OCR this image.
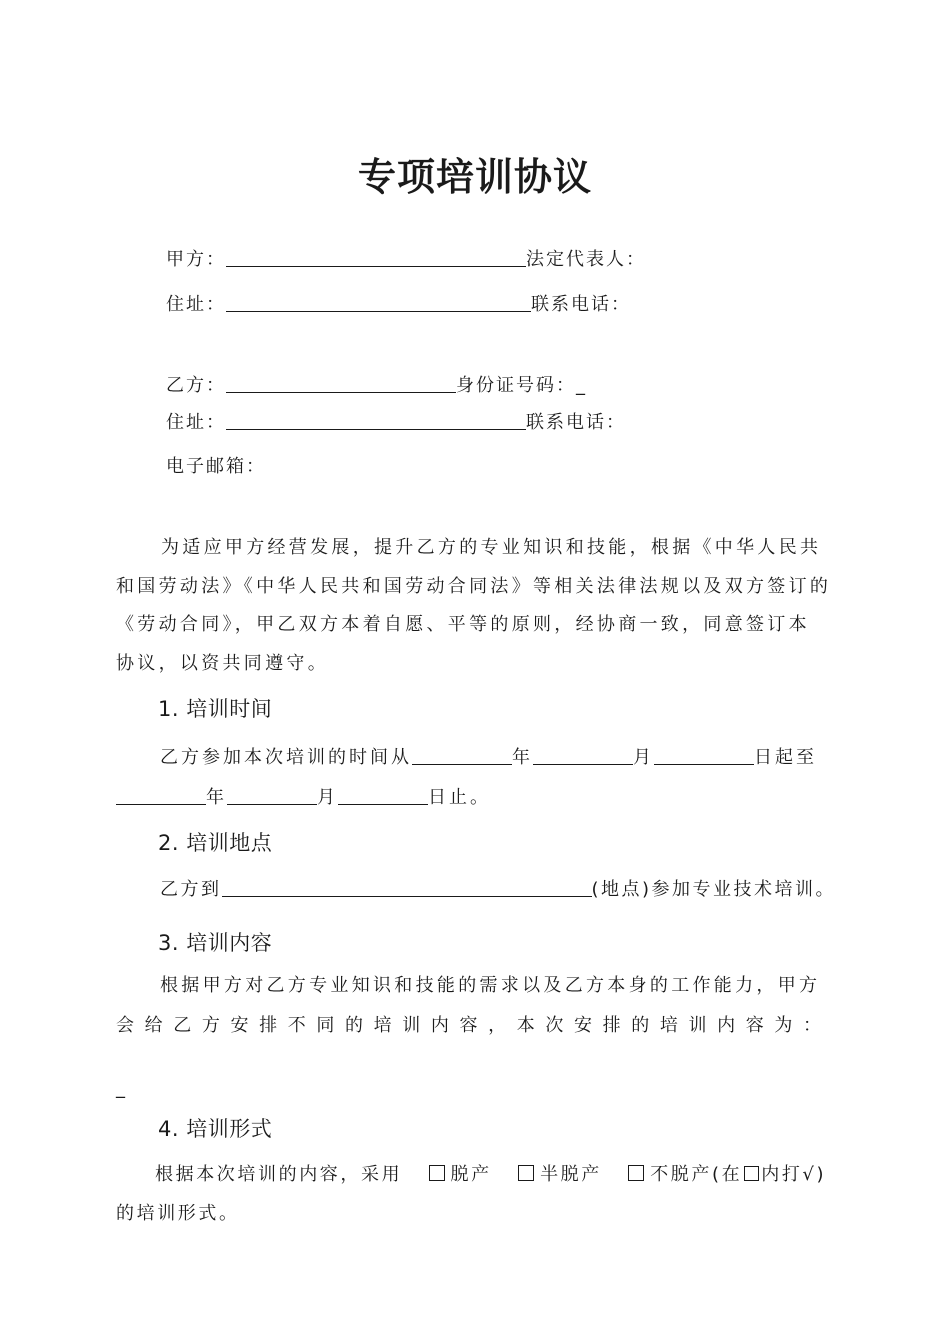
专项培训协议
甲方：	法定代表人：
住址：	联系电话：
乙方：	身份证号码：_
住址：	联系电话：
电子邮箱：
为适应甲方经营发展，提升乙方的专业知识和技能，根据《中华人民共
和国劳动法》《中华人民共和国劳动合同法》等相关法律法规以及双方签订的
《劳动合同》，甲乙双方本着自愿、平等的原则，经协商一致，同意签订本
协议，以资共同遵守。
1. 培训时间
乙方参加本次培训的时间从	年	月	日起至
年	月	日止。
2. 培训地点
乙方到	(地点)参加专业技术培训。
3. 培训内容
根据甲方对乙方专业知识和技能的需求以及乙方本身的工作能力，甲方
会 给 乙 方 安 排 不 同 的 培 训 内 容 ， 本 次 安 排 的 培 训 内 容 为 ：
_
4. 培训形式
根据本次培训的内容，采用	脱产	半脱产	不脱产(在 内打√)
的培训形式。
